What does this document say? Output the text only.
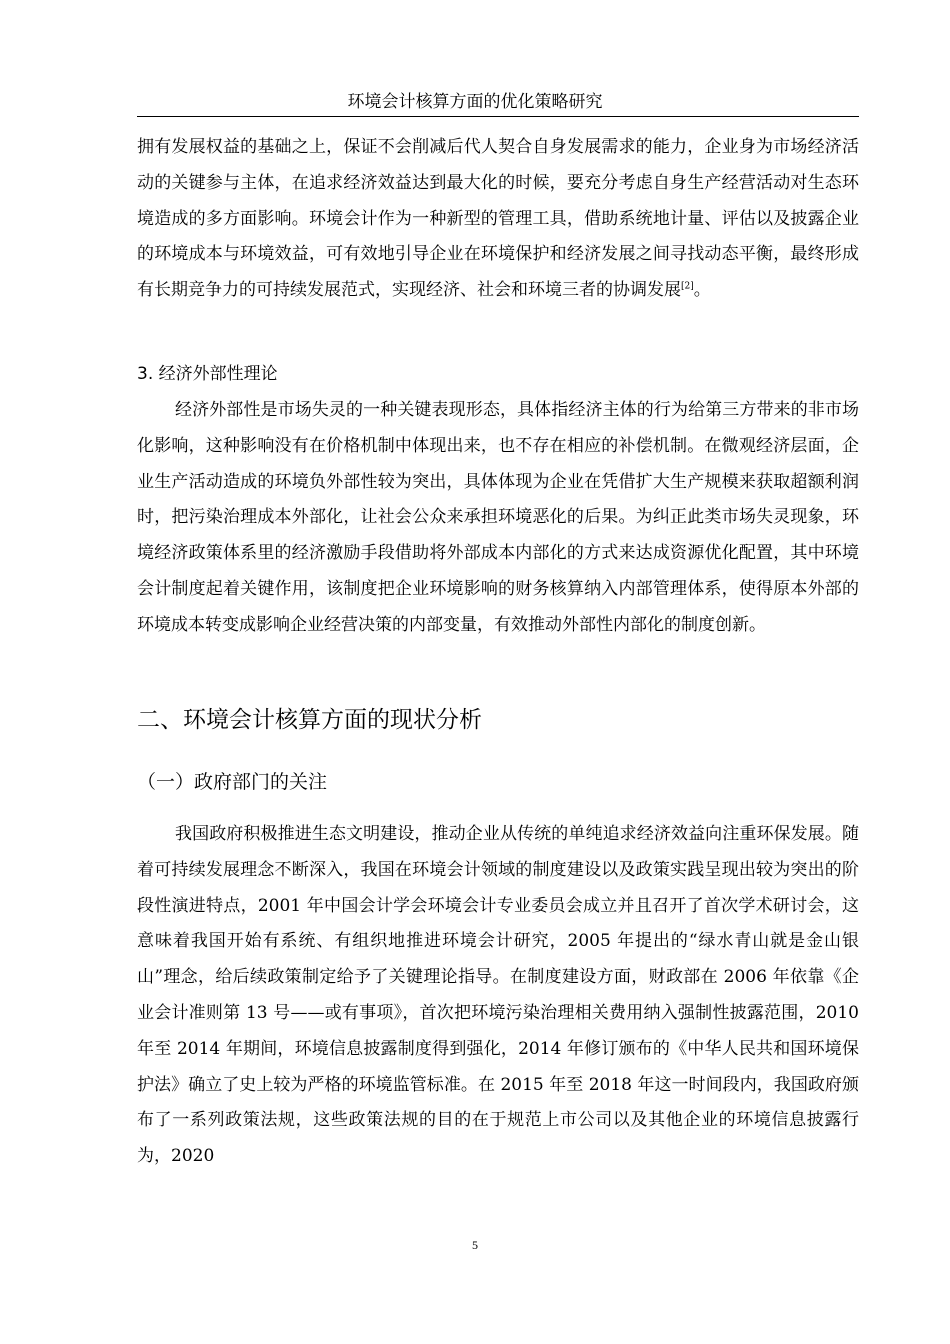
环境会计核算方面的优化策略研究

拥有发展权益的基础之上，保证不会削减后代人契合自身发展需求的能力，企业身为市场经济活动的关键参与主体，在追求经济效益达到最大化的时候，要充分考虑自身生产经营活动对生态环境造成的多方面影响。环境会计作为一种新型的管理工具，借助系统地计量、评估以及披露企业的环境成本与环境效益，可有效地引导企业在环境保护和经济发展之间寻找动态平衡，最终形成有长期竞争力的可持续发展范式，实现经济、社会和环境三者的协调发展[2]。

3. 经济外部性理论

经济外部性是市场失灵的一种关键表现形态，具体指经济主体的行为给第三方带来的非市场化影响，这种影响没有在价格机制中体现出来，也不存在相应的补偿机制。在微观经济层面，企业生产活动造成的环境负外部性较为突出，具体体现为企业在凭借扩大生产规模来获取超额利润时，把污染治理成本外部化，让社会公众来承担环境恶化的后果。为纠正此类市场失灵现象，环境经济政策体系里的经济激励手段借助将外部成本内部化的方式来达成资源优化配置，其中环境会计制度起着关键作用，该制度把企业环境影响的财务核算纳入内部管理体系，使得原本外部的环境成本转变成影响企业经营决策的内部变量，有效推动外部性内部化的制度创新。

二、环境会计核算方面的现状分析
（一）政府部门的关注

我国政府积极推进生态文明建设，推动企业从传统的单纯追求经济效益向注重环保发展。随着可持续发展理念不断深入，我国在环境会计领域的制度建设以及政策实践呈现出较为突出的阶段性演进特点，2001 年中国会计学会环境会计专业委员会成立并且召开了首次学术研讨会，这意味着我国开始有系统、有组织地推进环境会计研究，2005 年提出的“绿水青山就是金山银山”理念，给后续政策制定给予了关键理论指导。在制度建设方面，财政部在 2006 年依靠《企业会计准则第 13 号——或有事项》，首次把环境污染治理相关费用纳入强制性披露范围，2010 年至 2014 年期间，环境信息披露制度得到强化，2014 年修订颁布的《中华人民共和国环境保护法》确立了史上较为严格的环境监管标准。在 2015 年至 2018 年这一时间段内，我国政府颁布了一系列政策法规，这些政策法规的目的在于规范上市公司以及其他企业的环境信息披露行为，2020

5
